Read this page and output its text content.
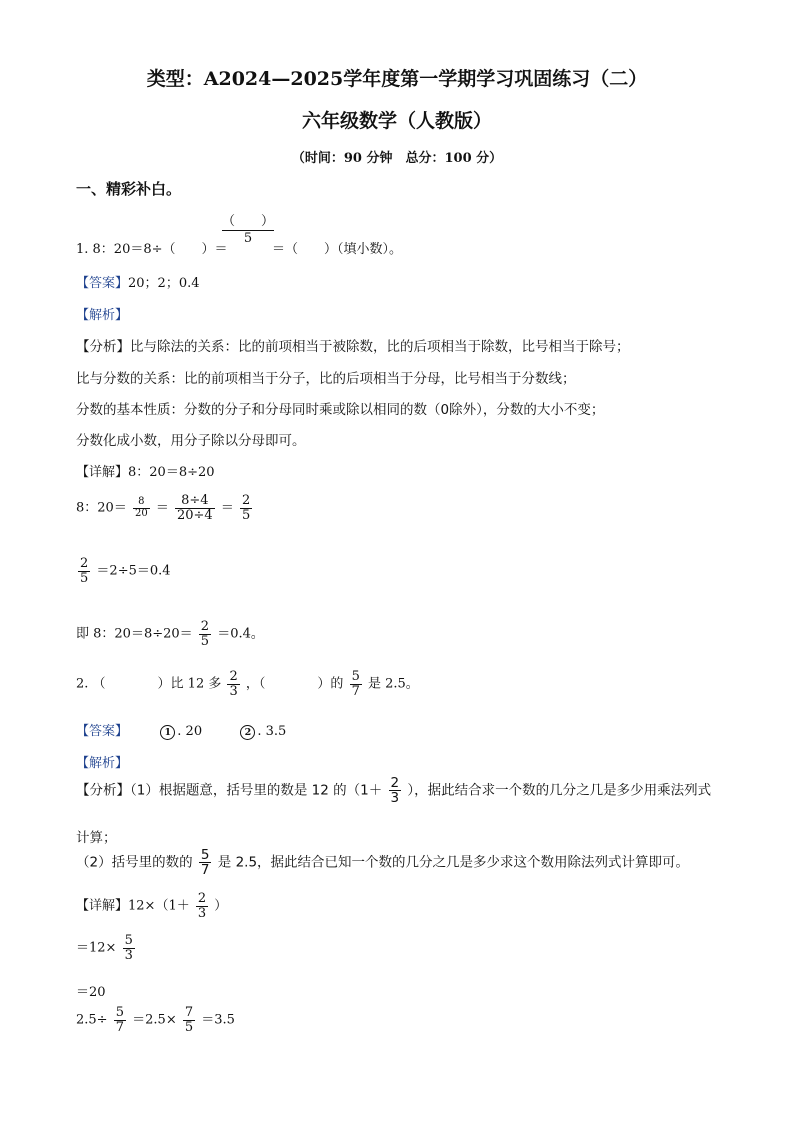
类型：A2024—2025学年度第一学期学习巩固练习（二）
六年级数学（人教版）
（时间：90 分钟　总分：100 分）
一、精彩补白。
（　　）
5
1. 8：20＝8÷（　　）＝	＝（　　）（填小数）。
【答案】20；2；0.4
【解析】
【分析】比与除法的关系：比的前项相当于被除数，比的后项相当于除数，比号相当于除号；
比与分数的关系：比的前项相当于分子，比的后项相当于分母，比号相当于分数线；
分数的基本性质：分数的分子和分母同时乘或除以相同的数（0除外），分数的大小不变；
分数化成小数，用分子除以分母即可。
【详解】8：20＝8÷20
8：$20= \frac{8}{20} = \frac{8\div 4}{20\div 4} = \frac{2}{5}$
$\frac{2}{5} =2\div 5=0.4$
即 8：$20=8\div 20= \frac{2}{5} =0.4$。
2. （　　　　）比 12 多 $\frac{2}{3}$ ，（　　　　）的 $\frac{5}{7}$ 是 2.5。
【答案】	1 . 20	2 . 3.5
【解析】
【分析】（1）根据题意，括号里的数是 12 的（$1+ \frac{2}{3}$ ），据此结合求一个数的几分之几是多少用乘法列式
计算；
（2）括号里的数的 $\frac{5}{7}$ 是 2.5，据此结合已知一个数的几分之几是多少求这个数用除法列式计算即可。
【详解】$12\times(1+ \frac{2}{3}$ ）
$=12\times \frac{5}{3}$
＝20
$2.5\div \frac{5}{7} =2.5\times \frac{7}{5} =3.5$
